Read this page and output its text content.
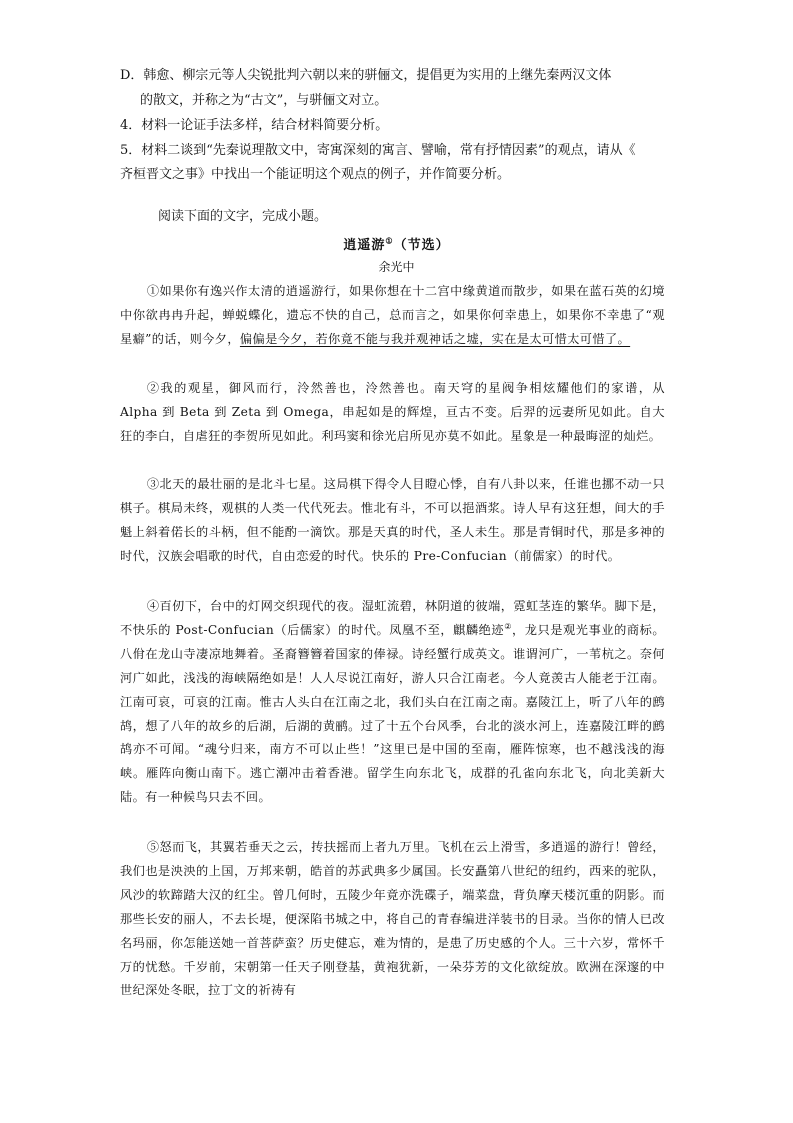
D．韩愈、柳宗元等人尖锐批判六朝以来的骈俪文，提倡更为实用的上继先秦两汉文体

的散文，并称之为“古文”，与骈俪文对立。

4．材料一论证手法多样，结合材料简要分析。

5．材料二谈到“先秦说理散文中，寄寓深刻的寓言、譬喻，常有抒情因素”的观点，请从《

齐桓晋文之事》中找出一个能证明这个观点的例子，并作简要分析。

阅读下面的文字，完成小题。

逍遥游①（节选）

余光中

①如果你有逸兴作太清的逍遥游行，如果你想在十二宫中缘黄道而散步，如果在蓝石英的幻境中你欲冉冉升起，蝉蜕蝶化，遗忘不快的自己，总而言之，如果你何幸患上，如果你不幸患了“观星癖”的话，则今夕，偏偏是今夕，若你竟不能与我并观神话之墟，实在是太可惜太可惜了。

②我的观星，御风而行，泠然善也，泠然善也。南天穹的星阀争相炫耀他们的家谱，从 Alpha 到 Beta 到 Zeta 到 Omega，串起如是的辉煌，亘古不变。后羿的远妻所见如此。自大狂的李白，自虐狂的李贺所见如此。利玛窦和徐光启所见亦莫不如此。星象是一种最晦涩的灿烂。

③北天的最壮丽的是北斗七星。这局棋下得令人目瞪心悸，自有八卦以来，任谁也挪不动一只棋子。棋局未终，观棋的人类一代代死去。惟北有斗，不可以挹酒浆。诗人早有这狂想，间大的手魁上斜着偌长的斗柄，但不能酌一滴饮。那是天真的时代，圣人未生。那是青铜时代，那是多神的时代，汉族会唱歌的时代，自由恋爱的时代。快乐的 Pre-Confucian（前儒家）的时代。

④百仞下，台中的灯网交织现代的夜。湿虹流碧，林阴道的彼端，霓虹茎连的繁华。脚下是，不快乐的 Post-Confucian（后儒家）的时代。凤凰不至，麒麟绝迹②，龙只是观光事业的商标。八佾在龙山寺凄凉地舞着。圣裔簪簪着国家的俸禄。诗经蟹行成英文。谁谓河广，一苇杭之。奈何河广如此，浅浅的海峡隔绝如是！人人尽说江南好，游人只合江南老。今人竟羡古人能老于江南。江南可哀，可哀的江南。惟古人头白在江南之北，我们头白在江南之南。嘉陵江上，听了八年的鹧鸪，想了八年的故乡的后湖，后湖的黄鹂。过了十五个台风季，台北的淡水河上，连嘉陵江畔的鹧鸪亦不可闻。“魂兮归来，南方不可以止些！”这里已是中国的至南，雁阵惊寒，也不越浅浅的海峡。雁阵向衡山南下。逃亡潮冲击着香港。留学生向东北飞，成群的孔雀向东北飞，向北美新大陆。有一种候鸟只去不回。

⑤怒而飞，其翼若垂天之云，抟扶摇而上者九万里。飞机在云上滑雪，多逍遥的游行！曾经，我们也是泱泱的上国，万邦来朝，皓首的苏武典多少属国。长安矗第八世纪的纽约，西来的驼队，风沙的软蹄踏大汉的红尘。曾几何时，五陵少年竟亦洗碟子，端菜盘，背负摩天楼沉重的阴影。而那些长安的丽人，不去长堤，便深陷书城之中，将自己的青春编进洋装书的目录。当你的情人已改名玛丽，你怎能送她一首菩萨蛮？历史健忘，难为情的，是患了历史感的个人。三十六岁，常怀千万的忧愁。千岁前，宋朝第一任天子刚登基，黄袍犹新，一朵芬芳的文化欲绽放。欧洲在深邃的中世纪深处冬眠，拉丁文的祈祷有
